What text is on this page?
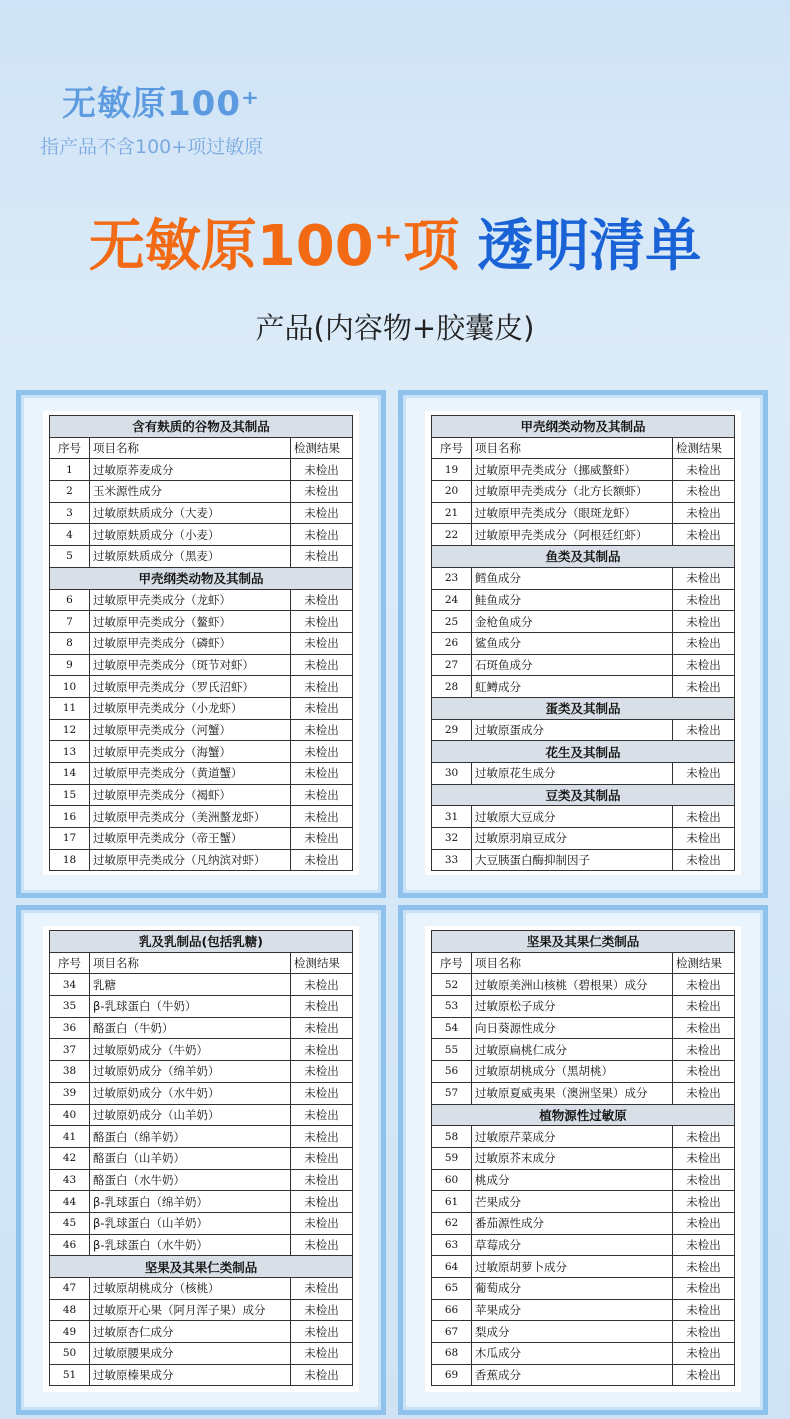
无敏原100⁺
指产品不含100+项过敏原
无敏原100⁺项 透明清单
产品(内容物+胶囊皮)
含有麸质的谷物及其制品		
序号	项目名称	检测结果
1	过敏原荞麦成分	未检出
2	玉米源性成分	未检出
3	过敏原麸质成分（大麦）	未检出
4	过敏原麸质成分（小麦）	未检出
5	过敏原麸质成分（黑麦）	未检出
甲壳纲类动物及其制品		
6	过敏原甲壳类成分（龙虾）	未检出
7	过敏原甲壳类成分（鳌虾）	未检出
8	过敏原甲壳类成分（磷虾）	未检出
9	过敏原甲壳类成分（斑节对虾）	未检出
10	过敏原甲壳类成分（罗氏沼虾）	未检出
11	过敏原甲壳类成分（小龙虾）	未检出
12	过敏原甲壳类成分（河蟹）	未检出
13	过敏原甲壳类成分（海蟹）	未检出
14	过敏原甲壳类成分（黄道蟹）	未检出
15	过敏原甲壳类成分（褐虾）	未检出
16	过敏原甲壳类成分（美洲螯龙虾）	未检出
17	过敏原甲壳类成分（帝王蟹）	未检出
18	过敏原甲壳类成分（凡纳滨对虾）	未检出
甲壳纲类动物及其制品		
序号	项目名称	检测结果
19	过敏原甲壳类成分（挪威螯虾）	未检出
20	过敏原甲壳类成分（北方长额虾）	未检出
21	过敏原甲壳类成分（眼斑龙虾）	未检出
22	过敏原甲壳类成分（阿根廷红虾）	未检出
鱼类及其制品		
23	鳕鱼成分	未检出
24	鲑鱼成分	未检出
25	金枪鱼成分	未检出
26	鲨鱼成分	未检出
27	石斑鱼成分	未检出
28	虹鳟成分	未检出
蛋类及其制品		
29	过敏原蛋成分	未检出
花生及其制品		
30	过敏原花生成分	未检出
豆类及其制品		
31	过敏原大豆成分	未检出
32	过敏原羽扇豆成分	未检出
33	大豆胰蛋白酶抑制因子	未检出
乳及乳制品(包括乳糖)		
序号	项目名称	检测结果
34	乳糖	未检出
35	β-乳球蛋白（牛奶）	未检出
36	酪蛋白（牛奶）	未检出
37	过敏原奶成分（牛奶）	未检出
38	过敏原奶成分（绵羊奶）	未检出
39	过敏原奶成分（水牛奶）	未检出
40	过敏原奶成分（山羊奶）	未检出
41	酪蛋白（绵羊奶）	未检出
42	酪蛋白（山羊奶）	未检出
43	酪蛋白（水牛奶）	未检出
44	β-乳球蛋白（绵羊奶）	未检出
45	β-乳球蛋白（山羊奶）	未检出
46	β-乳球蛋白（水牛奶）	未检出
坚果及其果仁类制品		
47	过敏原胡桃成分（核桃）	未检出
48	过敏原开心果（阿月浑子果）成分	未检出
49	过敏原杏仁成分	未检出
50	过敏原腰果成分	未检出
51	过敏原榛果成分	未检出
坚果及其果仁类制品		
序号	项目名称	检测结果
52	过敏原美洲山核桃（碧根果）成分	未检出
53	过敏原松子成分	未检出
54	向日葵源性成分	未检出
55	过敏原扁桃仁成分	未检出
56	过敏原胡桃成分（黑胡桃）	未检出
57	过敏原夏威夷果（澳洲坚果）成分	未检出
植物源性过敏原		
58	过敏原芹菜成分	未检出
59	过敏原芥末成分	未检出
60	桃成分	未检出
61	芒果成分	未检出
62	番茄源性成分	未检出
63	草莓成分	未检出
64	过敏原胡萝卜成分	未检出
65	葡萄成分	未检出
66	苹果成分	未检出
67	梨成分	未检出
68	木瓜成分	未检出
69	香蕉成分	未检出
